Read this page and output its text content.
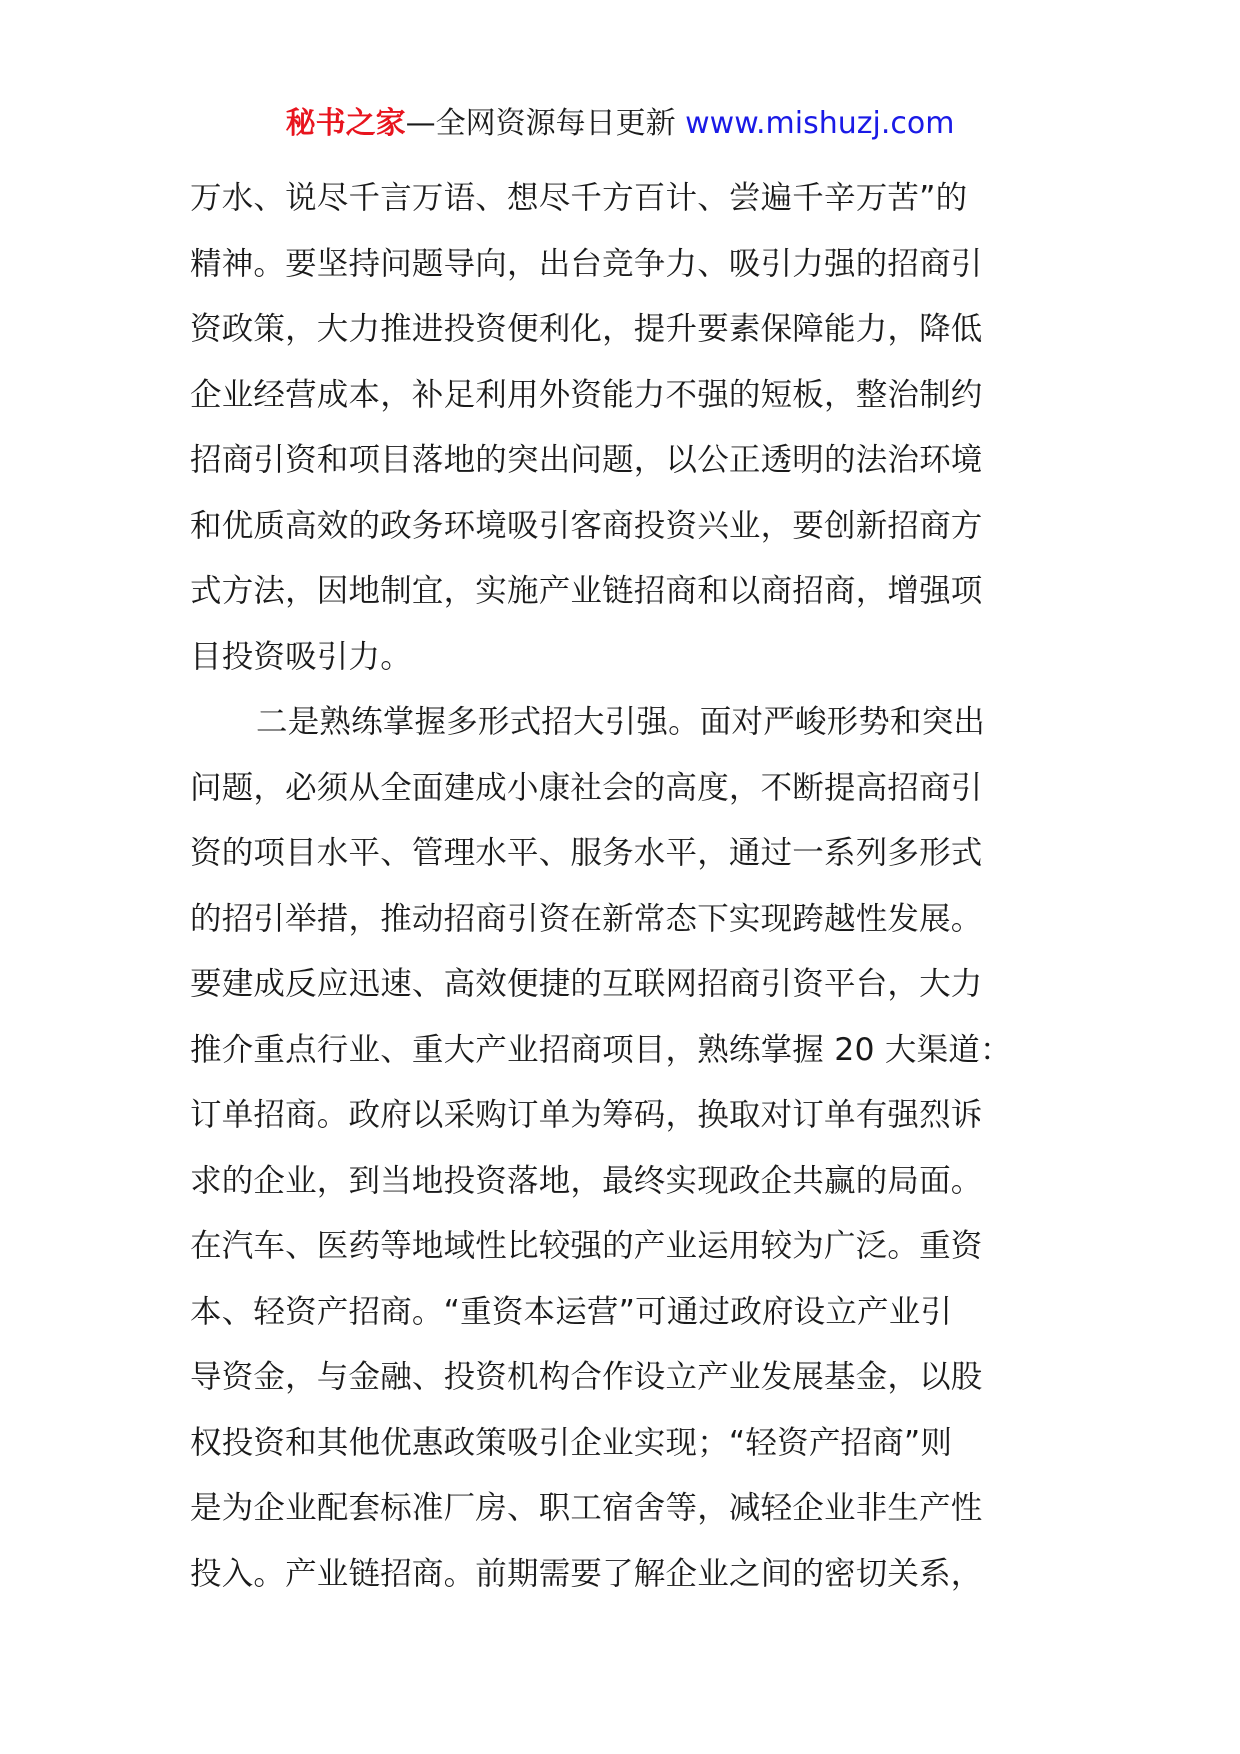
秘书之家—全网资源每日更新 www.mishuzj.com
万水、说尽千言万语、想尽千方百计、尝遍千辛万苦”的
精神。要坚持问题导向，出台竞争力、吸引力强的招商引
资政策，大力推进投资便利化，提升要素保障能力，降低
企业经营成本，补足利用外资能力不强的短板，整治制约
招商引资和项目落地的突出问题，以公正透明的法治环境
和优质高效的政务环境吸引客商投资兴业，要创新招商方
式方法，因地制宜，实施产业链招商和以商招商，增强项
目投资吸引力。
二是熟练掌握多形式招大引强。面对严峻形势和突出
问题，必须从全面建成小康社会的高度，不断提高招商引
资的项目水平、管理水平、服务水平，通过一系列多形式
的招引举措，推动招商引资在新常态下实现跨越性发展。
要建成反应迅速、高效便捷的互联网招商引资平台，大力
推介重点行业、重大产业招商项目，熟练掌握 20 大渠道：
订单招商。政府以采购订单为筹码，换取对订单有强烈诉
求的企业，到当地投资落地，最终实现政企共赢的局面。
在汽车、医药等地域性比较强的产业运用较为广泛。重资
本、轻资产招商。“重资本运营”可通过政府设立产业引
导资金，与金融、投资机构合作设立产业发展基金，以股
权投资和其他优惠政策吸引企业实现；“轻资产招商”则
是为企业配套标准厂房、职工宿舍等，减轻企业非生产性
投入。产业链招商。前期需要了解企业之间的密切关系，
